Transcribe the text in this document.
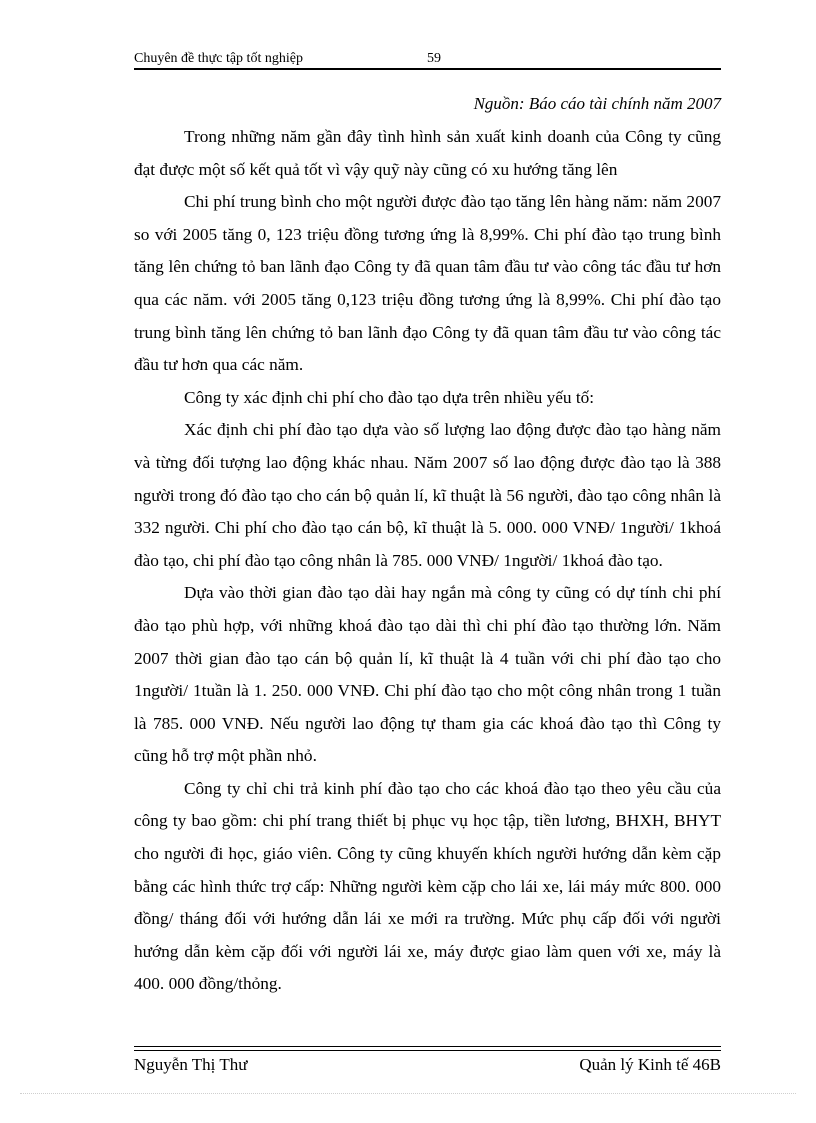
Chuyên đề thực tập tốt nghiệp	59
Nguồn: Báo cáo tài chính năm 2007

Trong những năm gần đây tình hình sản xuất kinh doanh của Công ty cũng đạt được một số kết quả tốt vì vậy quỹ này cũng có xu hướng tăng lên

Chi phí trung bình cho một người được đào tạo tăng lên hàng năm: năm 2007 so với 2005 tăng 0, 123 triệu đồng tương ứng là 8,99%. Chi phí đào tạo trung bình tăng lên chứng tỏ ban lãnh đạo Công ty đã quan tâm đầu tư vào công tác đầu tư hơn qua các năm. với 2005 tăng 0,123 triệu đồng tương ứng là 8,99%. Chi phí đào tạo trung bình tăng lên chứng tỏ ban lãnh đạo Công ty đã quan tâm đầu tư vào công tác đầu tư hơn qua các năm.

Công ty xác định chi phí cho đào tạo dựa trên nhiều yếu tố:

Xác định chi phí đào tạo dựa vào số lượng lao động được đào tạo hàng năm và từng đối tượng lao động khác nhau. Năm 2007 số lao động được đào tạo là 388 người trong đó đào tạo cho cán bộ quản lí, kĩ thuật là 56 người, đào tạo công nhân là 332 người. Chi phí cho đào tạo cán bộ, kĩ thuật là 5. 000. 000 VNĐ/ 1người/ 1khoá đào tạo, chi phí đào tạo công nhân là 785. 000 VNĐ/ 1người/ 1khoá đào tạo.

Dựa vào thời gian đào tạo dài hay ngắn mà công ty cũng có dự tính chi phí đào tạo phù hợp, với những khoá đào tạo dài thì chi phí đào tạo thường lớn. Năm 2007 thời gian đào tạo cán bộ quản lí, kĩ thuật là 4 tuần với chi phí đào tạo cho 1người/ 1tuần là 1. 250. 000 VNĐ. Chi phí đào tạo cho một công nhân trong 1 tuần là 785. 000 VNĐ. Nếu người lao động tự tham gia các khoá đào tạo thì Công ty cũng hỗ trợ một phần nhỏ.

Công ty chỉ chi trả kinh phí đào tạo cho các khoá đào tạo theo yêu cầu của công ty bao gồm: chi phí trang thiết bị phục vụ học tập, tiền lương, BHXH, BHYT cho người đi học, giáo viên. Công ty cũng khuyến khích người hướng dẫn kèm cặp bằng các hình thức trợ cấp: Những người kèm cặp cho lái xe, lái máy mức 800. 000 đồng/ tháng đối với hướng dẫn lái xe mới ra trường. Mức phụ cấp đối với người hướng dẫn kèm cặp đối với người lái xe, máy được giao làm quen với xe, máy là 400. 000 đồng/thỏng.

Nguyễn Thị Thư	Quản lý Kinh tế 46B
